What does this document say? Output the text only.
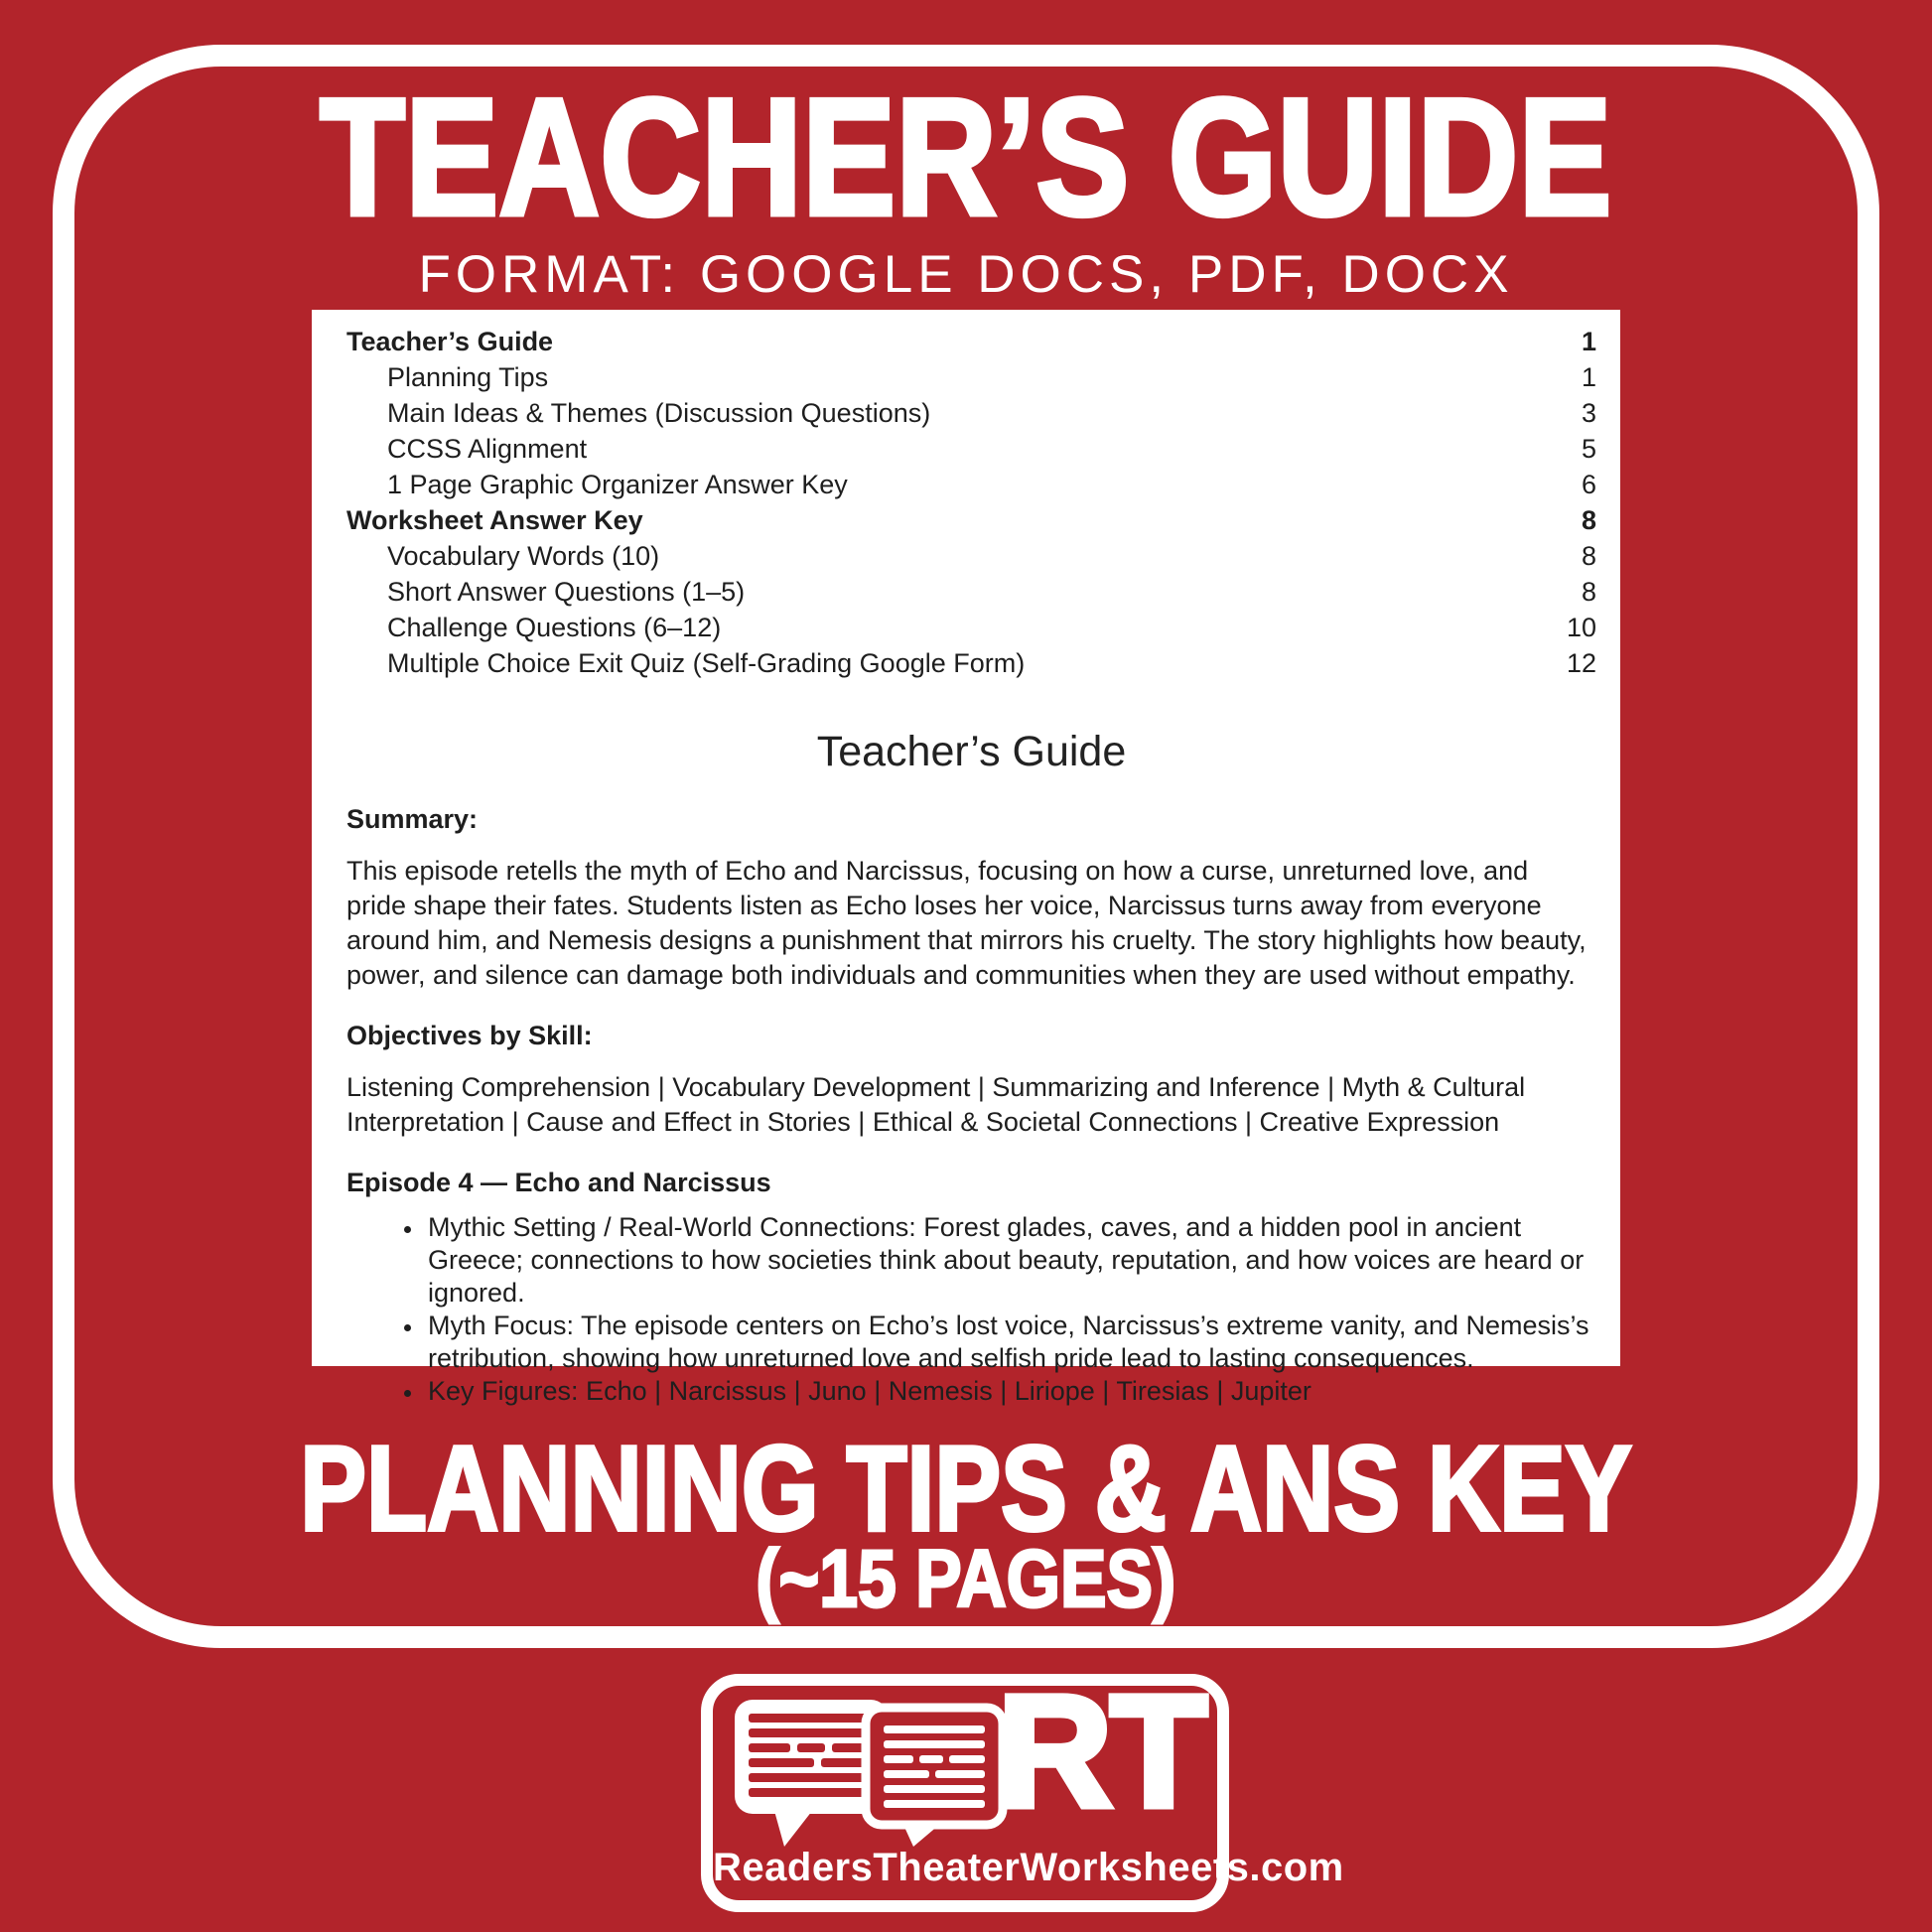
TEACHER’S GUIDE
FORMAT: GOOGLE DOCS, PDF, DOCX
Teacher’s Guide	1
Planning Tips	1
Main Ideas & Themes (Discussion Questions)	3
CCSS Alignment	5
1 Page Graphic Organizer Answer Key	6
Worksheet Answer Key	8
Vocabulary Words (10)	8
Short Answer Questions (1–5)	8
Challenge Questions (6–12)	10
Multiple Choice Exit Quiz (Self-Grading Google Form)	12
Teacher’s Guide
Summary:
This episode retells the myth of Echo and Narcissus, focusing on how a curse, unreturned love, and pride shape their fates. Students listen as Echo loses her voice, Narcissus turns away from everyone around him, and Nemesis designs a punishment that mirrors his cruelty. The story highlights how beauty, power, and silence can damage both individuals and communities when they are used without empathy.
Objectives by Skill:
Listening Comprehension | Vocabulary Development | Summarizing and Inference | Myth & Cultural Interpretation | Cause and Effect in Stories | Ethical & Societal Connections | Creative Expression
Episode 4 — Echo and Narcissus
• Mythic Setting / Real-World Connections: Forest glades, caves, and a hidden pool in ancient Greece; connections to how societies think about beauty, reputation, and how voices are heard or ignored.
• Myth Focus: The episode centers on Echo’s lost voice, Narcissus’s extreme vanity, and Nemesis’s retribution, showing how unreturned love and selfish pride lead to lasting consequences.
• Key Figures: Echo | Narcissus | Juno | Nemesis | Liriope | Tiresias | Jupiter
PLANNING TIPS & ANS KEY
(~15 PAGES)
RT
ReadersTheaterWorksheets.com
